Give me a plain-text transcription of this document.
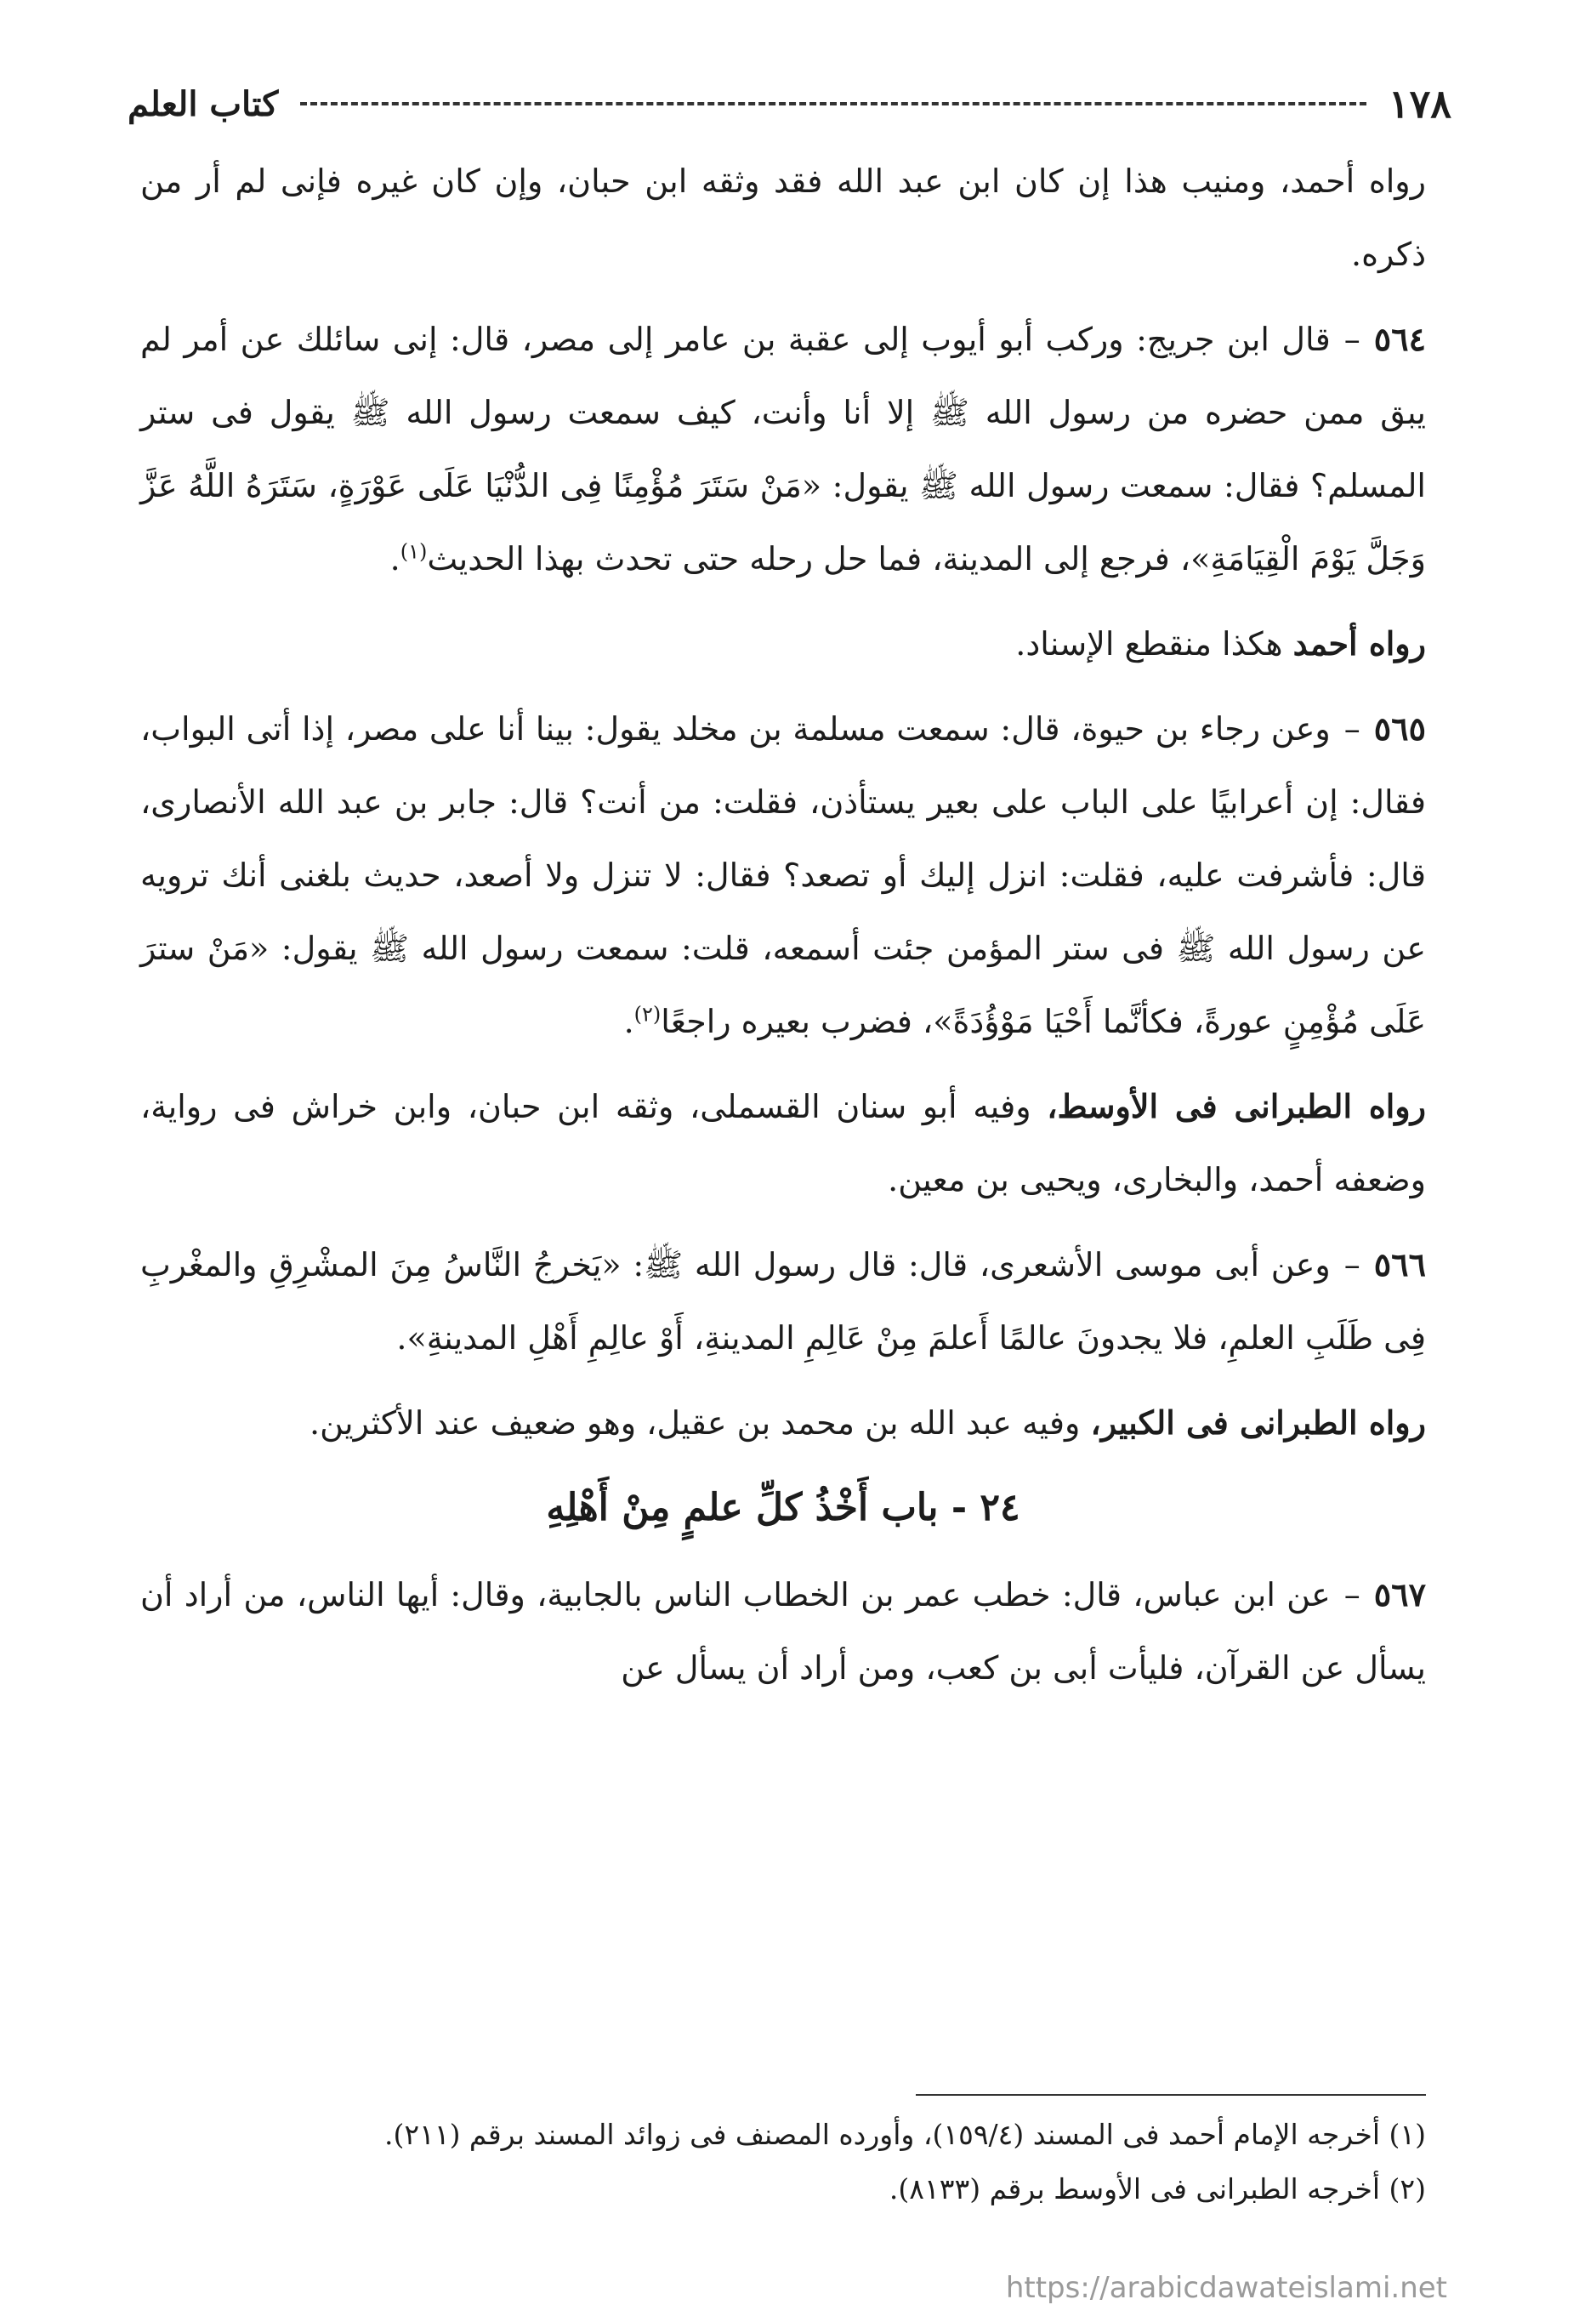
١٧٨
كتاب العلم

رواه أحمد، ومنيب هذا إن كان ابن عبد الله فقد وثقه ابن حبان، وإن كان غيره فإنى لم أر من ذكره.

٥٦٤–قال ابن جريج: وركب أبو أيوب إلى عقبة بن عامر إلى مصر، قال: إنى سائلك عن أمر لم يبق ممن حضره من رسول الله ﷺ إلا أنا وأنت، كيف سمعت رسول الله ﷺ يقول فى ستر المسلم؟ فقال: سمعت رسول الله ﷺ يقول: «مَنْ سَتَرَ مُؤْمِنًا فِى الدُّنْيَا عَلَى عَوْرَةٍ، سَتَرَهُ اللَّهُ عَزَّ وَجَلَّ يَوْمَ الْقِيَامَةِ»، فرجع إلى المدينة، فما حل رحله حتى تحدث بهذا الحديث$^{(١)}$.

رواه أحمد هكذا منقطع الإسناد.

٥٦٥–وعن رجاء بن حيوة، قال: سمعت مسلمة بن مخلد يقول: بينا أنا على مصر، إذا أتى البواب، فقال: إن أعرابيًا على الباب على بعير يستأذن، فقلت: من أنت؟ قال: جابر بن عبد الله الأنصارى، قال: فأشرفت عليه، فقلت: انزل إليك أو تصعد؟ فقال: لا تنزل ولا أصعد، حديث بلغنى أنك ترويه عن رسول الله ﷺ فى ستر المؤمن جئت أسمعه، قلت: سمعت رسول الله ﷺ يقول: «مَنْ سترَ عَلَى مُؤْمِنٍ عورةً، فكأنَّما أَحْيَا مَوْؤُدَةً»، فضرب بعيره راجعًا$^{(٢)}$.

رواه الطبرانى فى الأوسط، وفيه أبو سنان القسملى، وثقه ابن حبان، وابن خراش فى رواية، وضعفه أحمد، والبخارى، ويحيى بن معين.

٥٦٦–وعن أبى موسى الأشعرى، قال: قال رسول الله ﷺ: «يَخرجُ النَّاسُ مِنَ المشْرِقِ والمغْربِ فِى طَلَبِ العلمِ، فلا يجدونَ عالمًا أَعلمَ مِنْ عَالِمِ المدينةِ، أَوْ عالِمِ أَهْلِ المدينةِ».

رواه الطبرانى فى الكبير، وفيه عبد الله بن محمد بن عقيل، وهو ضعيف عند الأكثرين.

٢٤ - باب أَخْذُ كلِّ علمٍ مِنْ أَهْلِهِ

٥٦٧–عن ابن عباس، قال: خطب عمر بن الخطاب الناس بالجابية، وقال: أيها الناس، من أراد أن يسأل عن القرآن، فليأت أبى بن كعب، ومن أراد أن يسأل عن

(١) أخرجه الإمام أحمد فى المسند (١٥٩/٤)، وأورده المصنف فى زوائد المسند برقم (٢١١).

(٢) أخرجه الطبرانى فى الأوسط برقم (٨١٣٣).

https://arabicdawateislami.net
